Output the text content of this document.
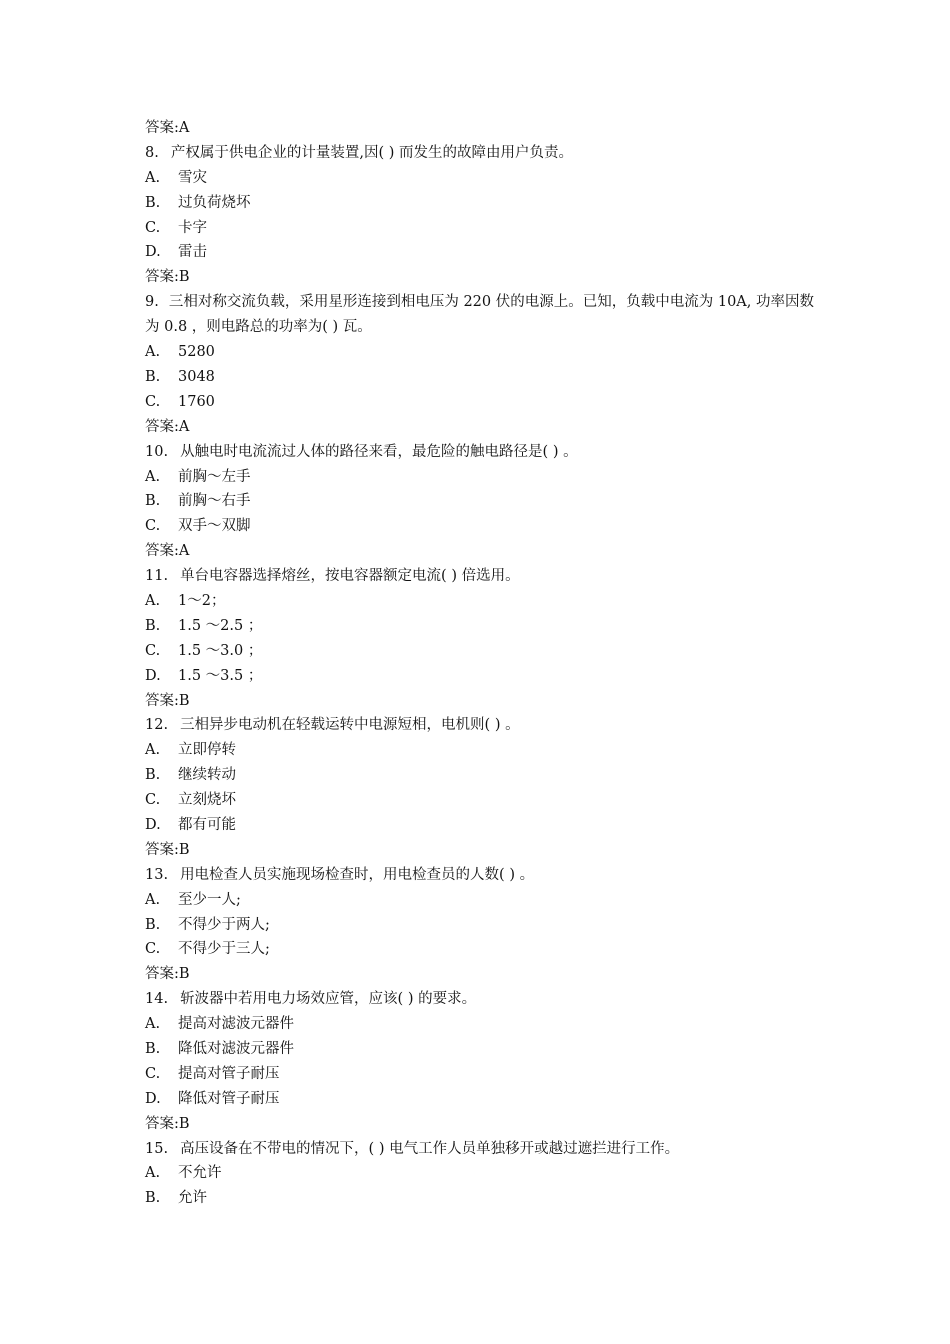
答案:A
8. 产权属于供电企业的计量装置,因( ) 而发生的故障由用户负责。
A.	雪灾
B.	过负荷烧坏
C.	卡字
D.	雷击
答案:B
9. 三相对称交流负载，采用星形连接到相电压为 220 伏的电源上。已知，负载中电流为 10A, 功率因数为 0.8 ，则电路总的功率为( ) 瓦。
A.	5280
B.	3048
C.	1760
答案:A
10. 从触电时电流流过人体的路径来看，最危险的触电路径是( ) 。
A.	前胸～左手
B.	前胸～右手
C.	双手～双脚
答案:A
11. 单台电容器选择熔丝，按电容器额定电流( ) 倍选用。
A.	1～2；
B.	1.5 ～2.5 ；
C.	1.5 ～3.0 ；
D.	1.5 ～3.5 ；
答案:B
12. 三相异步电动机在轻载运转中电源短相，电机则( ) 。
A.	立即停转
B.	继续转动
C.	立刻烧坏
D.	都有可能
答案:B
13. 用电检查人员实施现场检查时，用电检查员的人数( ) 。
A.	至少一人;
B.	不得少于两人;
C.	不得少于三人;
答案:B
14. 斩波器中若用电力场效应管，应该( ) 的要求。
A.	提高对滤波元器件
B.	降低对滤波元器件
C.	提高对管子耐压
D.	降低对管子耐压
答案:B
15. 高压设备在不带电的情况下，( ) 电气工作人员单独移开或越过遮拦进行工作。
A.	不允许
B.	允许
